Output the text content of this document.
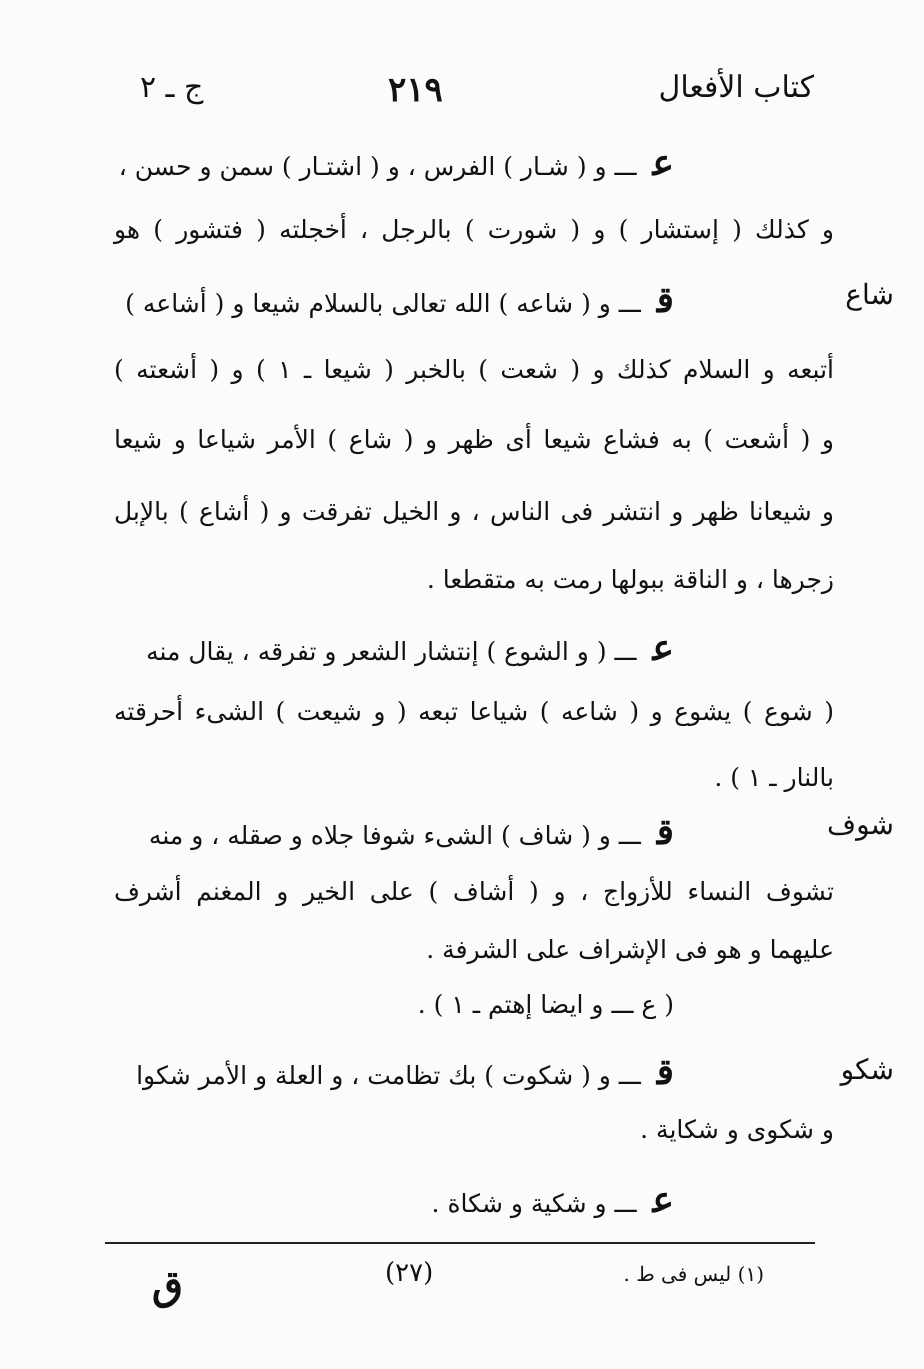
كتاب الأفعال
٢١٩
ج ـ ٢
شاع
شوف
شكو
عـــ و ( شـار ) الفرس ، و ( اشتـار ) سمن و حسن ،
و كذلك ( إستشار ) و ( شورت ) بالرجل ، أخجلته ( فتشور ) هو
قـــ و ( شاعه ) الله تعالى بالسلام شيعا و ( أشاعه )
أتبعه و السلام كذلك و ( شعت ) بالخبر ( شيعا ـ ١ ) و ( أشعته )
و ( أشعت ) به فشاع شيعا أى ظهر و ( شاع ) الأمر شياعا و شيعا
و شيعانا ظهر و انتشر فى الناس ، و الخيل تفرقت و ( أشاع ) بالإبل
زجرها ، و الناقة ببولها رمت به متقطعا .
عـــ ( و الشوع ) إنتشار الشعر و تفرقه ، يقال منه
( شوع ) يشوع و ( شاعه ) شياعا تبعه ( و شيعت ) الشىء أحرقته
بالنار ـ ١ ) .
قـــ و ( شاف ) الشىء شوفا جلاه و صقله ، و منه
تشوف النساء للأزواج ، و ( أشاف ) على الخير و المغنم أشرف
عليهما و هو فى الإشراف على الشرفة .
( ع ـــ و ايضا إهتم ـ ١ ) .
قـــ و ( شكوت ) بك تظامت ، و العلة و الأمر شكوا
و شكوى و شكاية .
عـــ و شكية و شكاة .
(١) ليس فى ط .
(٢٧)
ق
